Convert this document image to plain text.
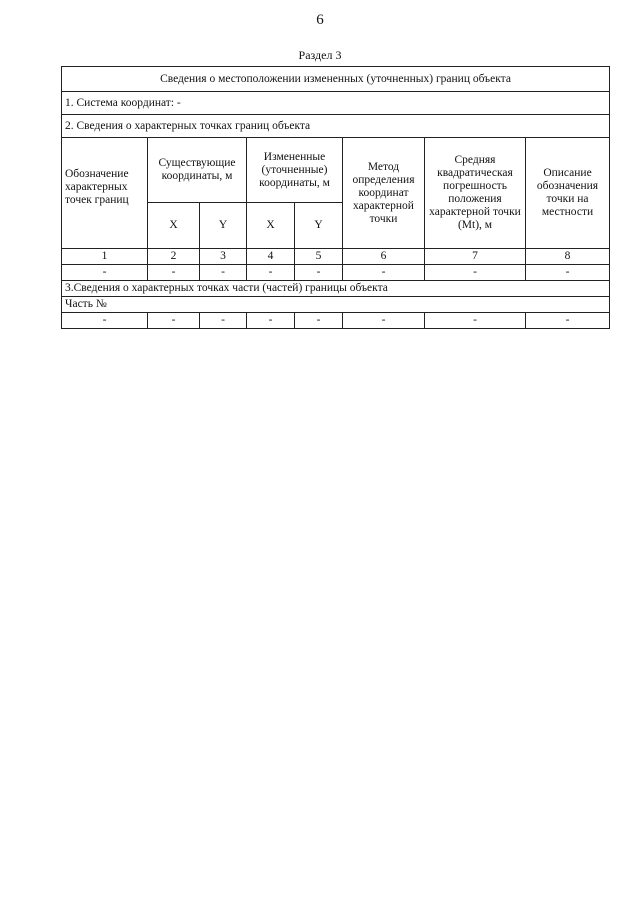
6
Раздел 3
Сведения о местоположении измененных (уточненных) границ объекта							
1. Система координат: -							
2. Сведения о характерных точках границ объекта							
Обозначение характерных точек границ	Существующие координаты, м		Измененные (уточненные) координаты, м		Метод определения координат характерной точки	Средняя квадратическая погрешность положения характерной точки (Mt), м	Описание обозначения точки на местности
	X	Y	X	Y			
1	2	3	4	5	6	7	8
-	-	-	-	-	-	-	-
3.Сведения о характерных точках части (частей) границы объекта							
Часть №							
-	-	-	-	-	-	-	-
